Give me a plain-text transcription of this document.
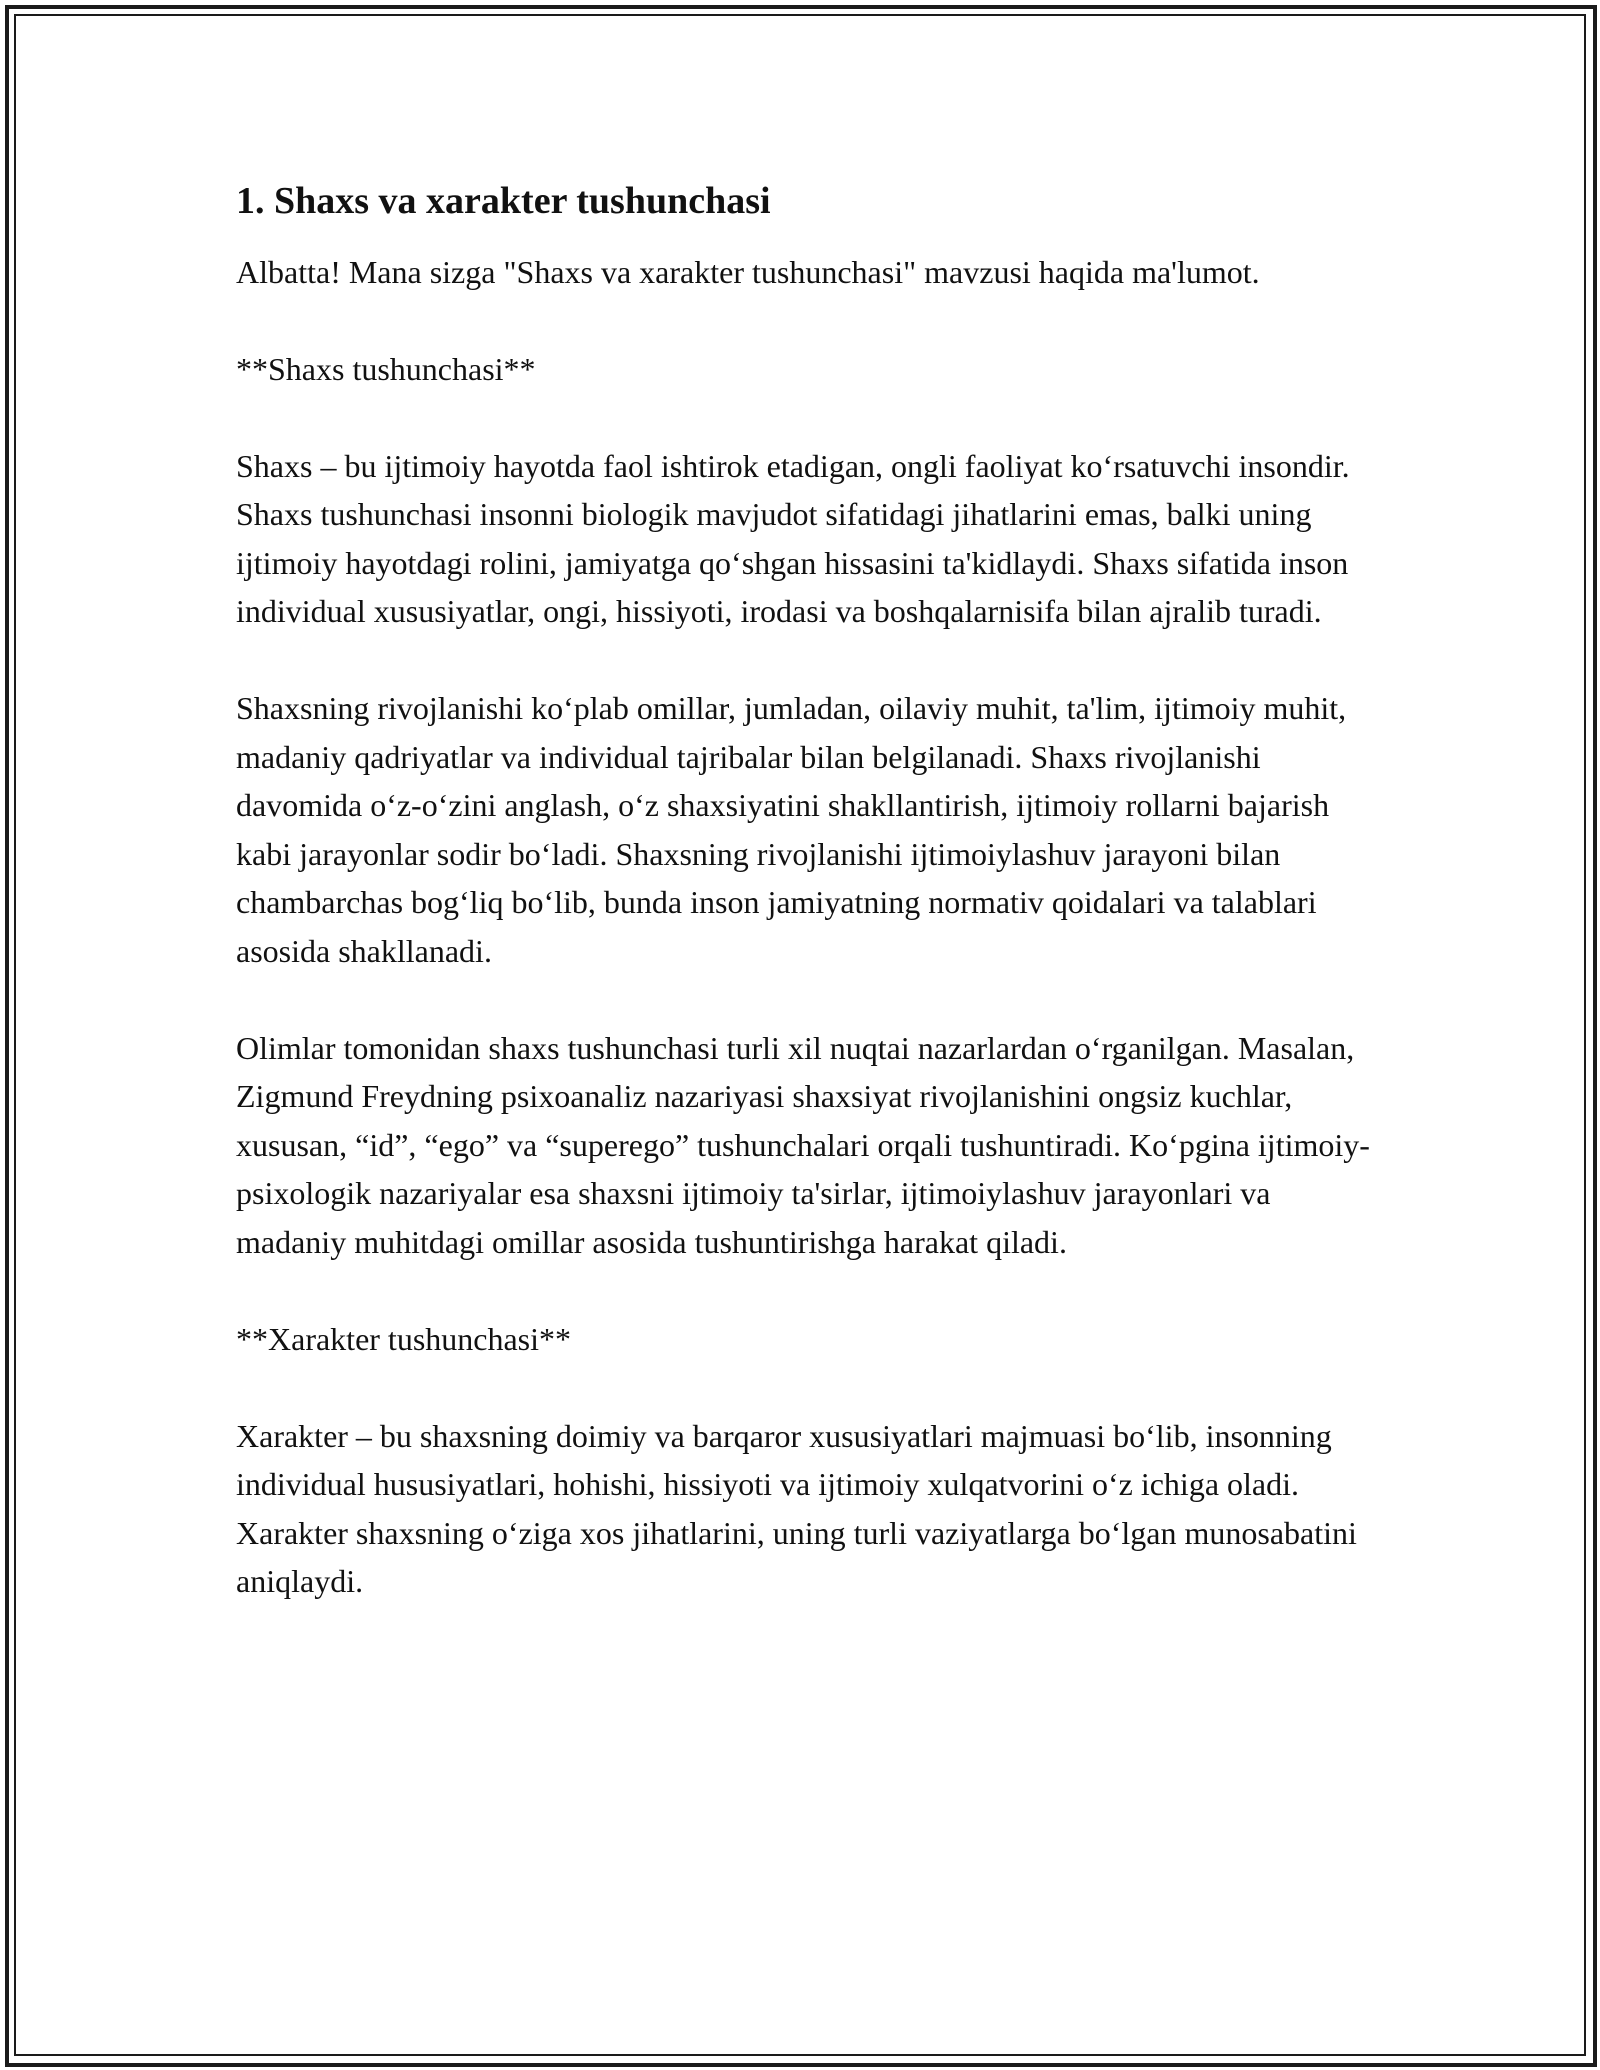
1. Shaxs va xarakter tushunchasi

Albatta! Mana sizga "Shaxs va xarakter tushunchasi" mavzusi haqida ma'lumot.

**Shaxs tushunchasi**

Shaxs – bu ijtimoiy hayotda faol ishtirok etadigan, ongli faoliyat ko‘rsatuvchi insondir. Shaxs tushunchasi insonni biologik mavjudot sifatidagi jihatlarini emas, balki uning ijtimoiy hayotdagi rolini, jamiyatga qo‘shgan hissasini ta'kidlaydi. Shaxs sifatida inson individual xususiyatlar, ongi, hissiyoti, irodasi va boshqalarnisifa bilan ajralib turadi.

Shaxsning rivojlanishi ko‘plab omillar, jumladan, oilaviy muhit, ta'lim, ijtimoiy muhit, madaniy qadriyatlar va individual tajribalar bilan belgilanadi. Shaxs rivojlanishi davomida o‘z-o‘zini anglash, o‘z shaxsiyatini shakllantirish, ijtimoiy rollarni bajarish kabi jarayonlar sodir bo‘ladi. Shaxsning rivojlanishi ijtimoiylashuv jarayoni bilan chambarchas bog‘liq bo‘lib, bunda inson jamiyatning normativ qoidalari va talablari asosida shakllanadi.

Olimlar tomonidan shaxs tushunchasi turli xil nuqtai nazarlardan o‘rganilgan. Masalan, Zigmund Freydning psixoanaliz nazariyasi shaxsiyat rivojlanishini ongsiz kuchlar, xususan, “id”, “ego” va “superego” tushunchalari orqali tushuntiradi. Ko‘pgina ijtimoiy-psixologik nazariyalar esa shaxsni ijtimoiy ta'sirlar, ijtimoiylashuv jarayonlari va madaniy muhitdagi omillar asosida tushuntirishga harakat qiladi.

**Xarakter tushunchasi**

Xarakter – bu shaxsning doimiy va barqaror xususiyatlari majmuasi bo‘lib, insonning individual hususiyatlari, hohishi, hissiyoti va ijtimoiy xulqatvorini o‘z ichiga oladi. Xarakter shaxsning o‘ziga xos jihatlarini, uning turli vaziyatlarga bo‘lgan munosabatini aniqlaydi.
